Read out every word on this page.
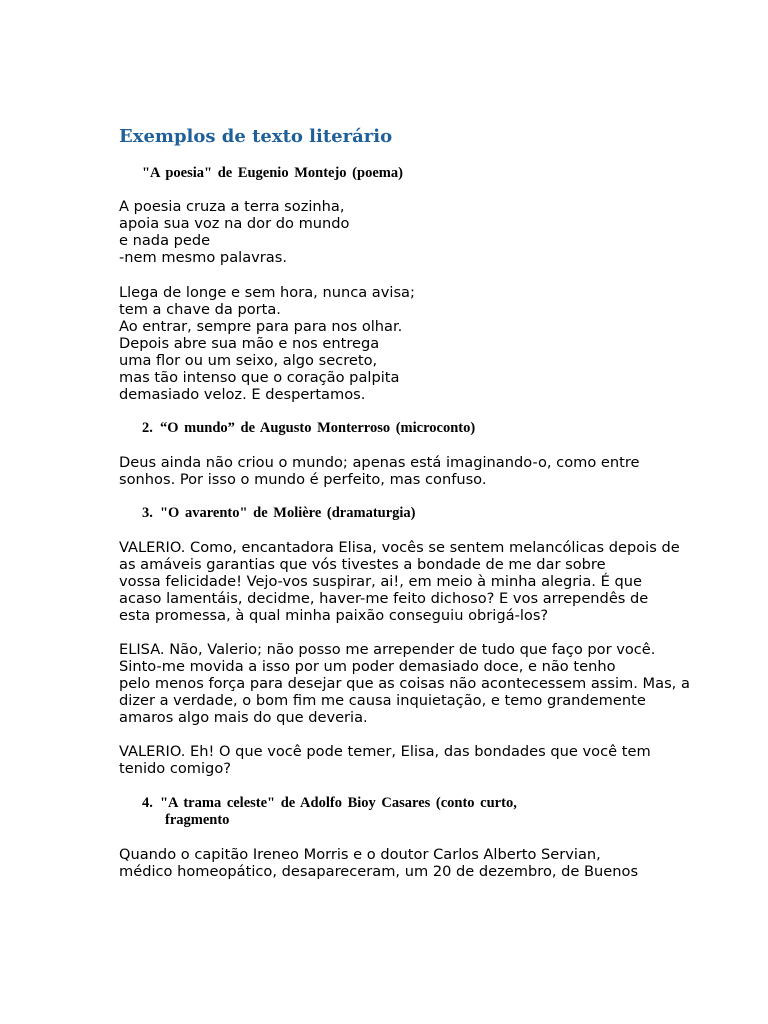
Exemplos de texto literário
"A poesia" de Eugenio Montejo (poema)
A poesia cruza a terra sozinha,
apoia sua voz na dor do mundo
e nada pede
-nem mesmo palavras.
Llega de longe e sem hora, nunca avisa;
tem a chave da porta.
Ao entrar, sempre para para nos olhar.
Depois abre sua mão e nos entrega
uma flor ou um seixo, algo secreto,
mas tão intenso que o coração palpita
demasiado veloz. E despertamos.
2. “O mundo” de Augusto Monterroso (microconto)
Deus ainda não criou o mundo; apenas está imaginando-o, como entre
sonhos. Por isso o mundo é perfeito, mas confuso.
3. "O avarento" de Molière (dramaturgia)
VALERIO. Como, encantadora Elisa, vocês se sentem melancólicas depois de
as amáveis garantias que vós tivestes a bondade de me dar sobre
vossa felicidade! Vejo-vos suspirar, ai!, em meio à minha alegria. É que
acaso lamentáis, decidme, haver-me feito dichoso? E vos arrependês de
esta promessa, à qual minha paixão conseguiu obrigá-los?
ELISA. Não, Valerio; não posso me arrepender de tudo que faço por você.
Sinto-me movida a isso por um poder demasiado doce, e não tenho
pelo menos força para desejar que as coisas não acontecessem assim. Mas, a
dizer a verdade, o bom fim me causa inquietação, e temo grandemente
amaros algo mais do que deveria.
VALERIO. Eh! O que você pode temer, Elisa, das bondades que você tem
tenido comigo?
4. "A trama celeste" de Adolfo Bioy Casares (conto curto,
fragmento
Quando o capitão Ireneo Morris e o doutor Carlos Alberto Servian,
médico homeopático, desapareceram, um 20 de dezembro, de Buenos
